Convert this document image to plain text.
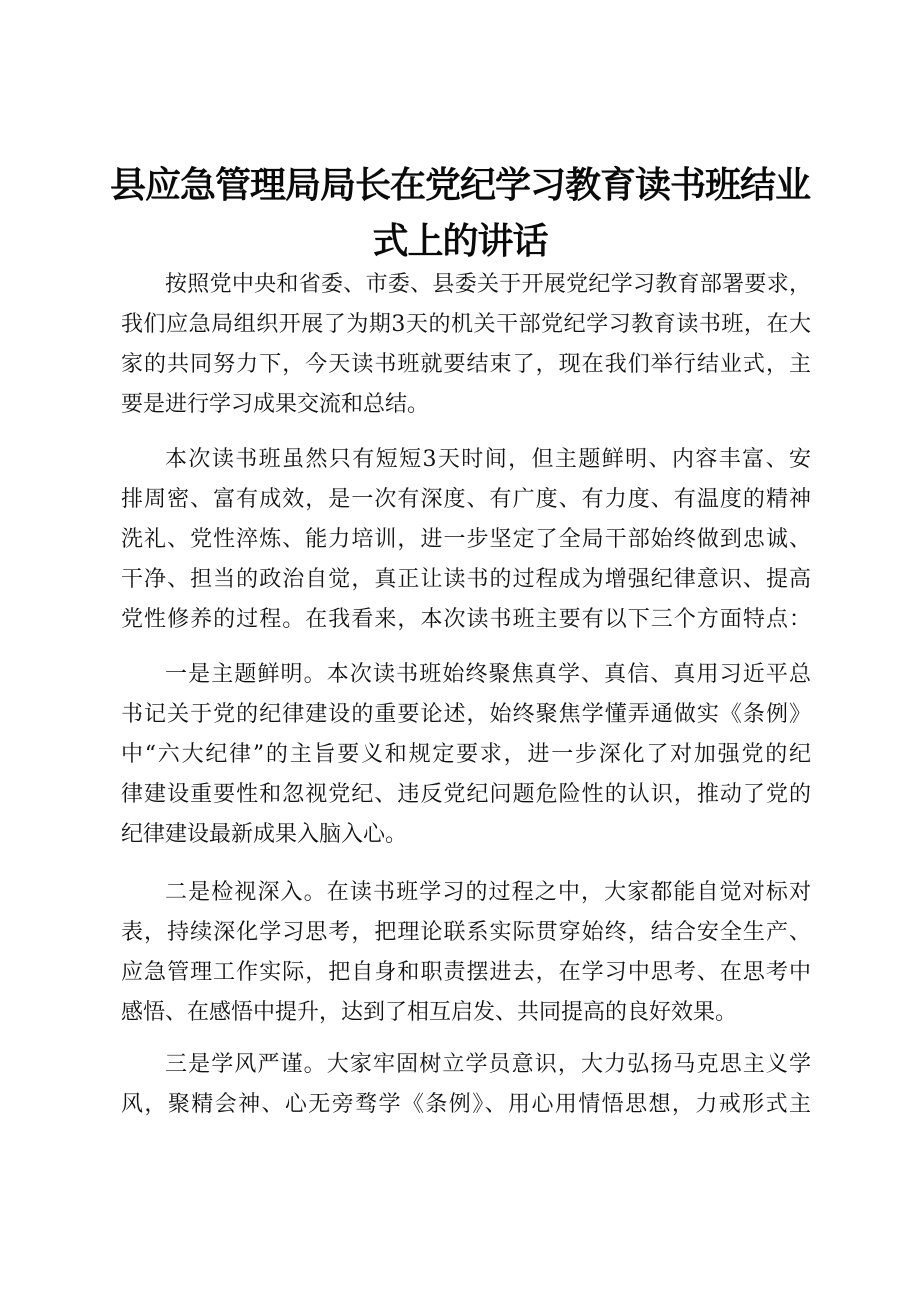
县应急管理局局长在党纪学习教育读书班结业
式上的讲话
按照党中央和省委、市委、县委关于开展党纪学习教育部署要求，
我们应急局组织开展了为期3天的机关干部党纪学习教育读书班，在大
家的共同努力下，今天读书班就要结束了，现在我们举行结业式，主
要是进行学习成果交流和总结。
本次读书班虽然只有短短3天时间，但主题鲜明、内容丰富、安
排周密、富有成效，是一次有深度、有广度、有力度、有温度的精神
洗礼、党性淬炼、能力培训，进一步坚定了全局干部始终做到忠诚、
干净、担当的政治自觉，真正让读书的过程成为增强纪律意识、提高
党性修养的过程。在我看来，本次读书班主要有以下三个方面特点：
一是主题鲜明。本次读书班始终聚焦真学、真信、真用习近平总
书记关于党的纪律建设的重要论述，始终聚焦学懂弄通做实《条例》
中“六大纪律”的主旨要义和规定要求，进一步深化了对加强党的纪
律建设重要性和忽视党纪、违反党纪问题危险性的认识，推动了党的
纪律建设最新成果入脑入心。
二是检视深入。在读书班学习的过程之中，大家都能自觉对标对
表，持续深化学习思考，把理论联系实际贯穿始终，结合安全生产、
应急管理工作实际，把自身和职责摆进去，在学习中思考、在思考中
感悟、在感悟中提升，达到了相互启发、共同提高的良好效果。
三是学风严谨。大家牢固树立学员意识，大力弘扬马克思主义学
风，聚精会神、心无旁骛学《条例》、用心用情悟思想，力戒形式主
